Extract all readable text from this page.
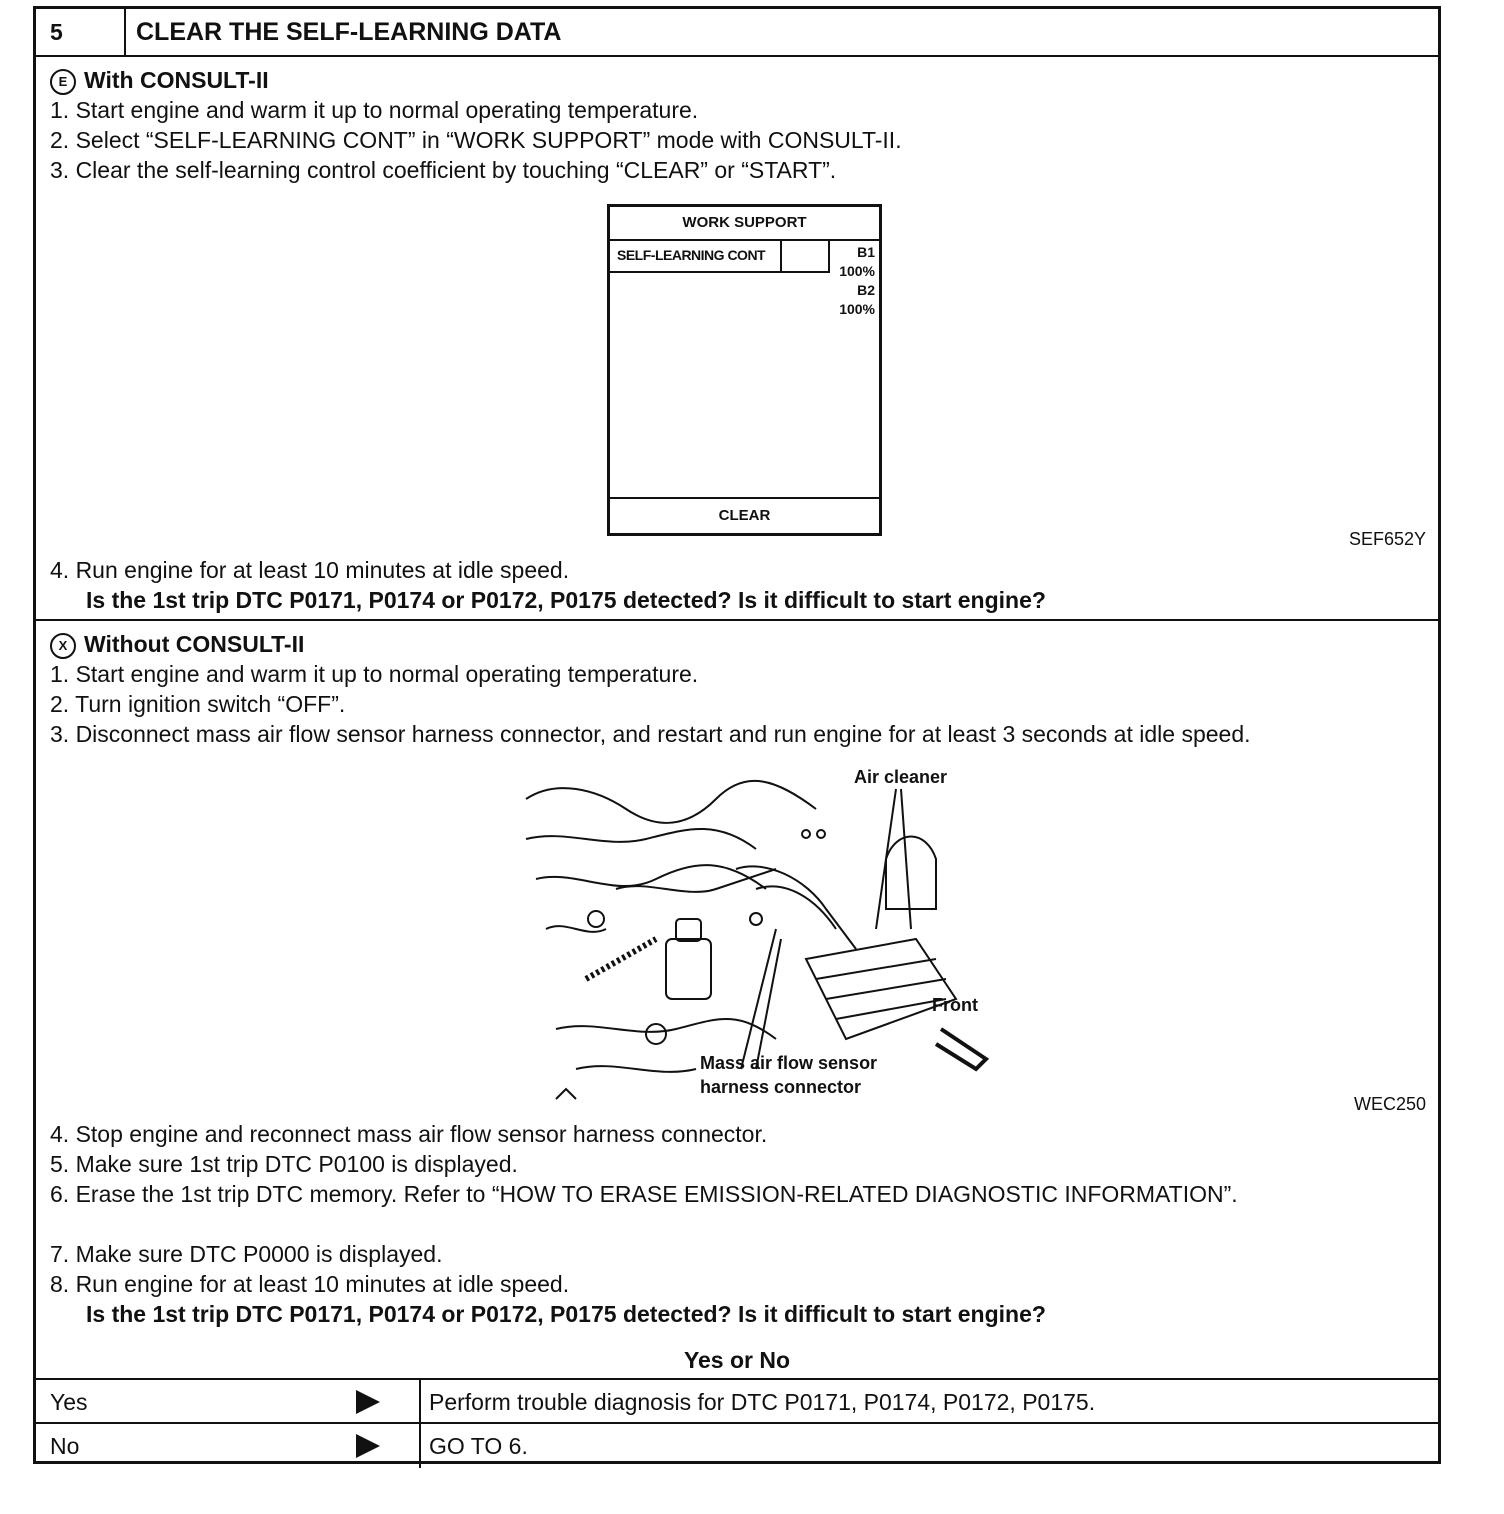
5	CLEAR THE SELF-LEARNING DATA
E With CONSULT-II
1. Start engine and warm it up to normal operating temperature.
2. Select “SELF-LEARNING CONT” in “WORK SUPPORT” mode with CONSULT-II.
3. Clear the self-learning control coefficient by touching “CLEAR” or “START”.
WORK SUPPORT
SELF-LEARNING CONT	B1
100%
B2
100%
CLEAR
SEF652Y
4. Run engine for at least 10 minutes at idle speed.
Is the 1st trip DTC P0171, P0174 or P0172, P0175 detected? Is it difficult to start engine?
X Without CONSULT-II
1. Start engine and warm it up to normal operating temperature.
2. Turn ignition switch “OFF”.
3. Disconnect mass air flow sensor harness connector, and restart and run engine for at least 3 seconds at idle speed.
Air cleaner
Front
Mass air flow sensor
harness connector
WEC250
4. Stop engine and reconnect mass air flow sensor harness connector.
5. Make sure 1st trip DTC P0100 is displayed.
6. Erase the 1st trip DTC memory. Refer to “HOW TO ERASE EMISSION-RELATED DIAGNOSTIC INFORMATION”.
7. Make sure DTC P0000 is displayed.
8. Run engine for at least 10 minutes at idle speed.
Is the 1st trip DTC P0171, P0174 or P0172, P0175 detected? Is it difficult to start engine?
Yes or No
Yes	Perform trouble diagnosis for DTC P0171, P0174, P0172, P0175.
No	GO TO 6.
